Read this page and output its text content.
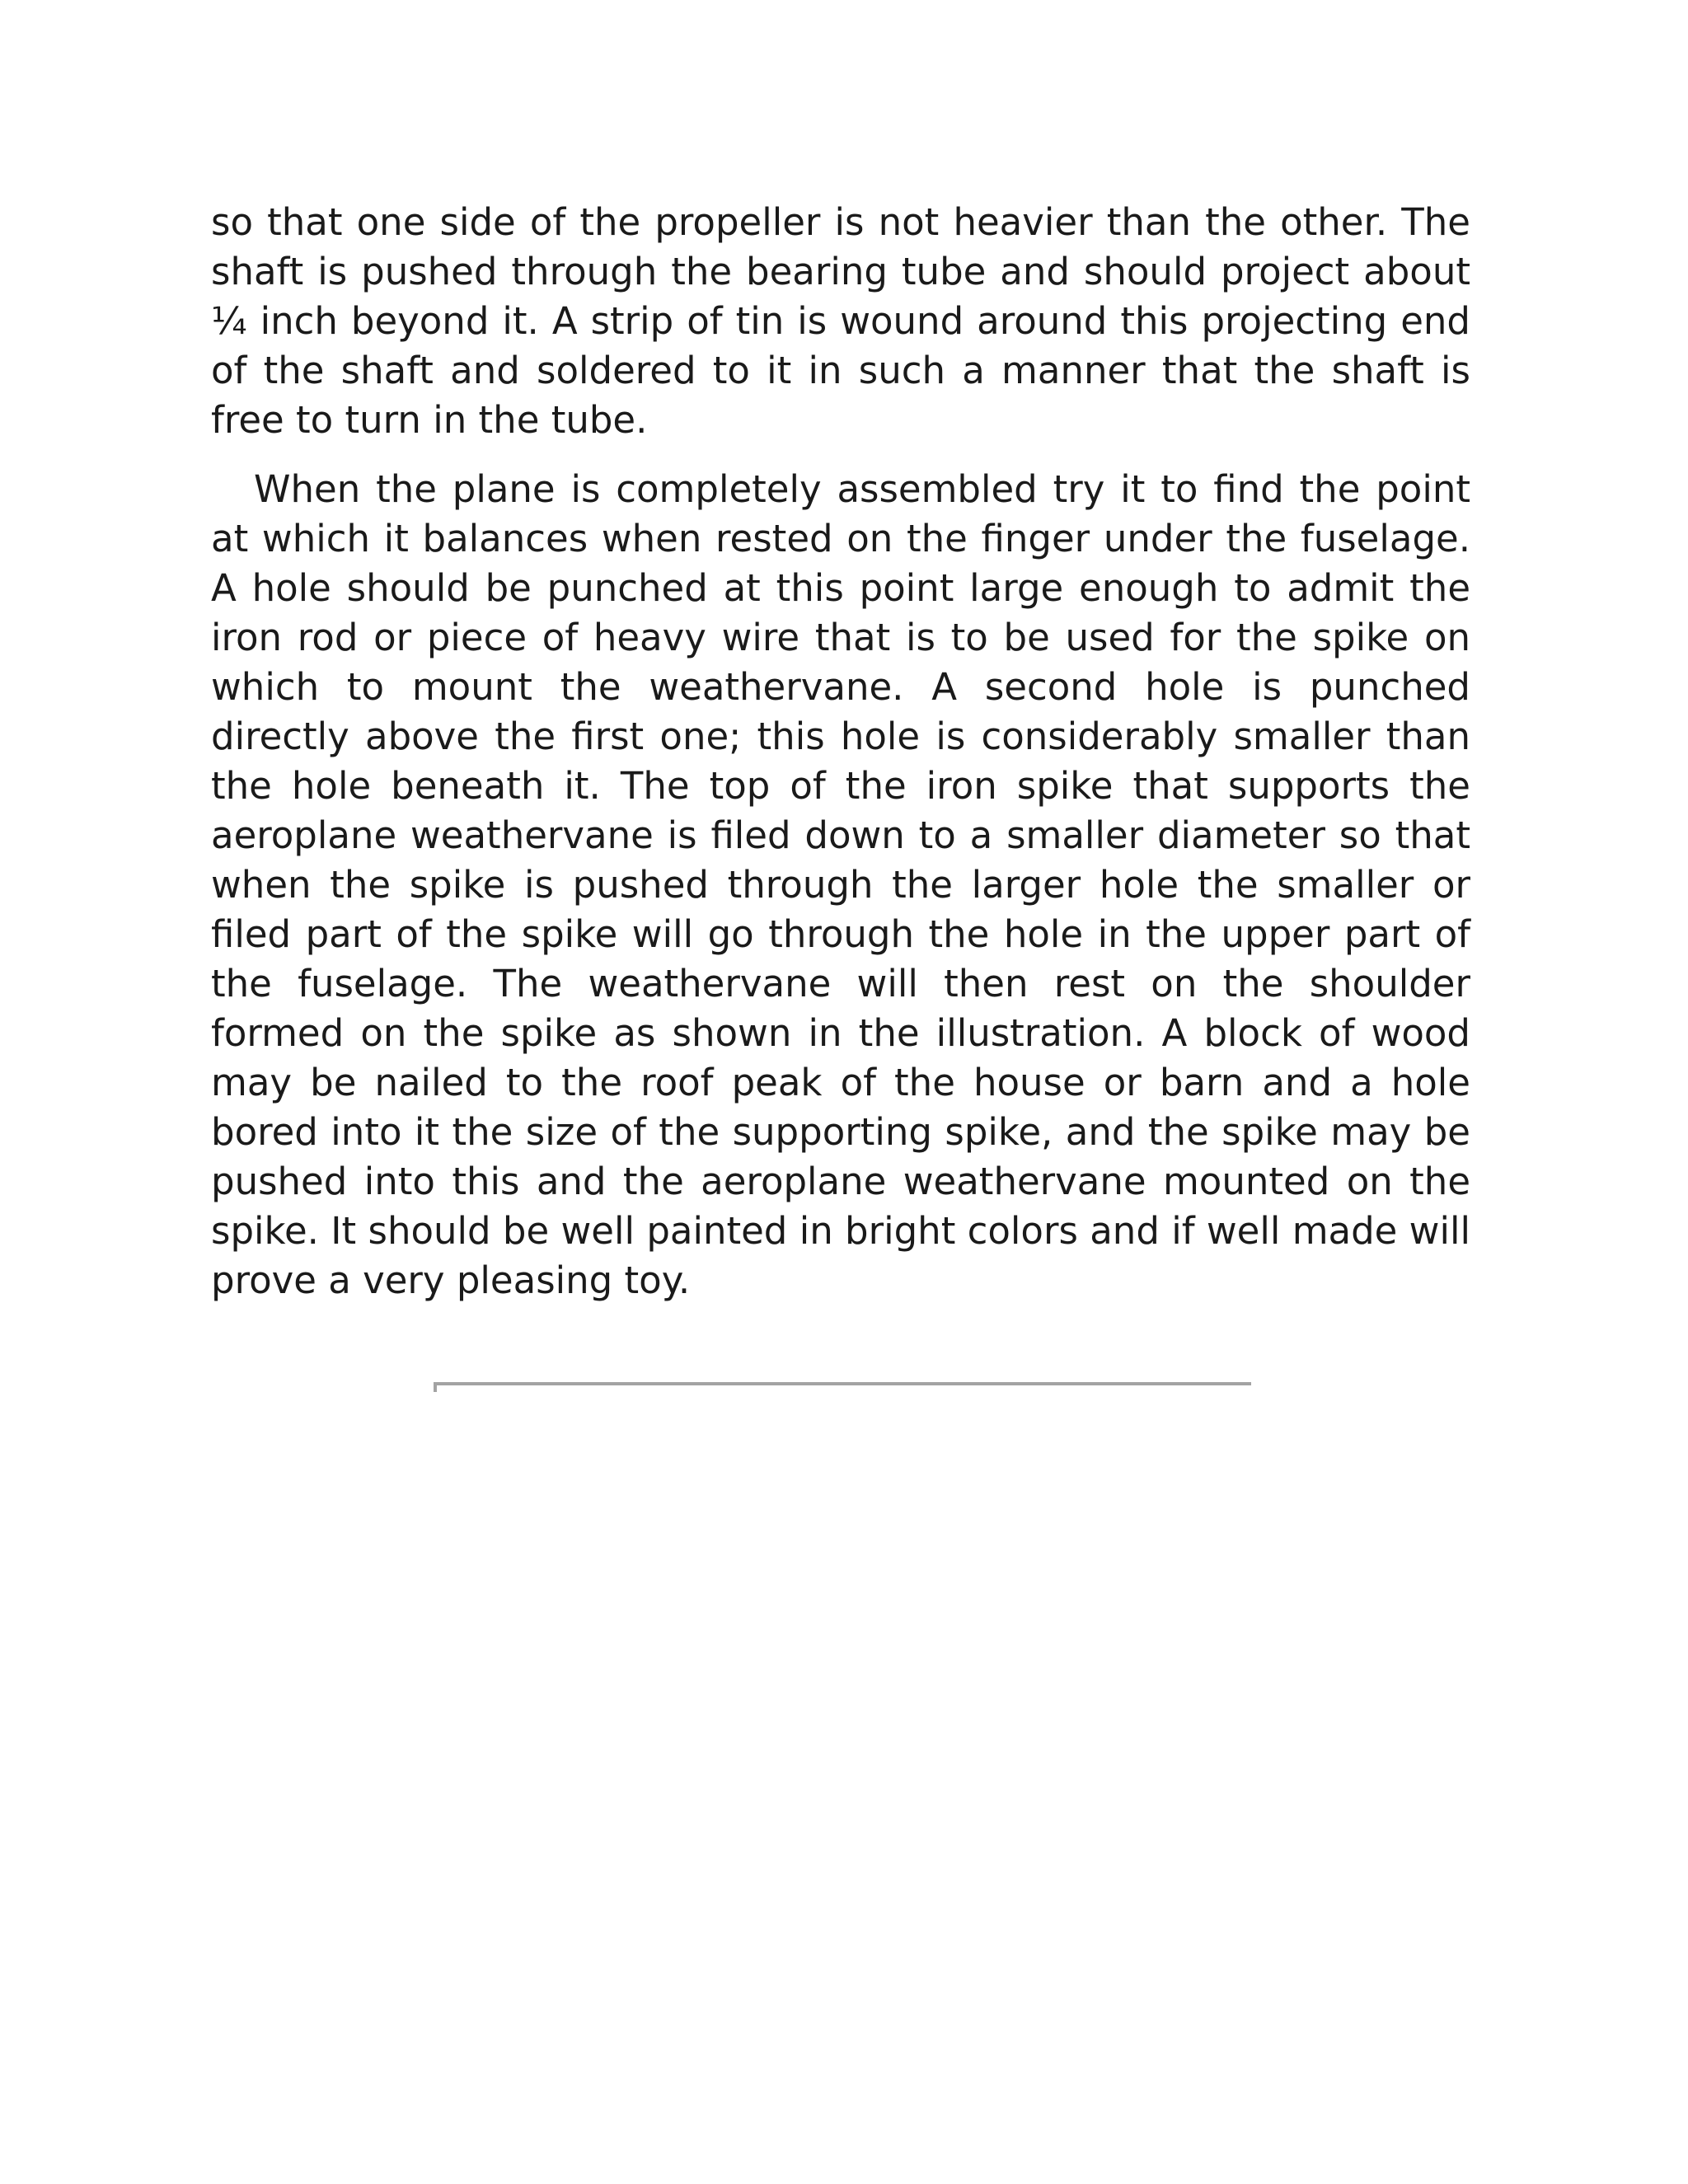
so that one side of the propeller is not heavier than the other. The shaft is pushed through the bearing tube and should project about ¼ inch beyond it. A strip of tin is wound around this projecting end of the shaft and soldered to it in such a manner that the shaft is free to turn in the tube.

When the plane is completely assembled try it to find the point at which it balances when rested on the finger under the fuselage. A hole should be punched at this point large enough to admit the iron rod or piece of heavy wire that is to be used for the spike on which to mount the weathervane. A second hole is punched directly above the first one; this hole is considerably smaller than the hole beneath it. The top of the iron spike that supports the aeroplane weathervane is filed down to a smaller diameter so that when the spike is pushed through the larger hole the smaller or filed part of the spike will go through the hole in the upper part of the fuselage. The weathervane will then rest on the shoulder formed on the spike as shown in the illustration. A block of wood may be nailed to the roof peak of the house or barn and a hole bored into it the size of the supporting spike, and the spike may be pushed into this and the aeroplane weathervane mounted on the spike. It should be well painted in bright colors and if well made will prove a very pleasing toy.
